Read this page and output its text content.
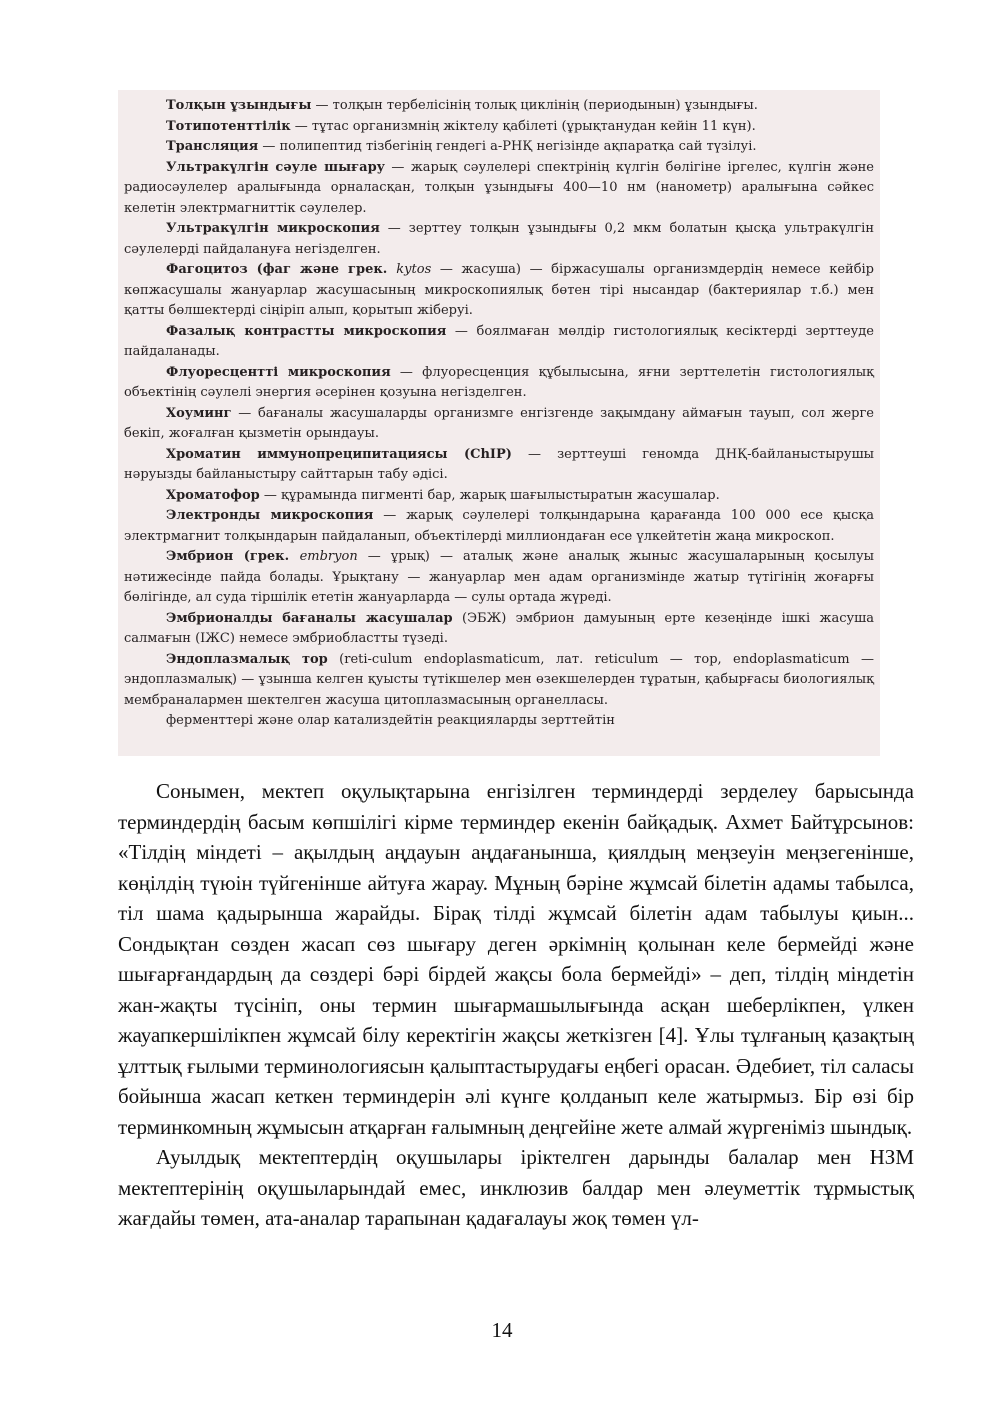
Толқын ұзындығы — толқын тербелісінің толық циклінің (периодынын) ұзындығы.

Тотипотенттілік — тұтас организмнің жіктелу қабілеті (ұрықтанудан кейін 11 күн).

Трансляция — полипептид тізбегінің гендегі а-РНҚ негізінде ақпаратқа сай түзілуі.

Ультракүлгін сәуле шығару — жарық сәулелері спектрінің күлгін бөлігіне іргелес, күлгін және радиосәулелер аралығында орналасқан, толқын ұзындығы 400—10 нм (нанометр) аралығына сәйкес келетін электрмагниттік сәулелер.

Ультракүлгін микроскопия — зерттеу толқын ұзындығы 0,2 мкм болатын қысқа ультракүлгін сәулелерді пайдалануға негізделген.

Фагоцитоз (фаг және грек. kytos — жасуша) — біржасушалы организмдердің немесе кейбір көпжасушалы жануарлар жасушасының микроскопиялық бөтен тірі нысандар (бактериялар т.б.) мен қатты бөлшектерді сіңіріп алып, қорытып жіберуі.

Фазалық контрастты микроскопия — боялмаған мөлдір гистологиялық кесіктерді зерттеуде пайдаланады.

Флуоресцентті микроскопия — флуоресценция құбылысына, яғни зерттелетін гистологиялық объектінің сәулелі энергия әсерінен қозуына негізделген.

Хоуминг — бағаналы жасушаларды организмге енгізгенде зақымдану аймағын тауып, сол жерге бекіп, жоғалған қызметін орындауы.

Хроматин иммунопреципитациясы (ChIP) — зерттеуші геномда ДНҚ-байланыстырушы нәруызды байланыстыру сайттарын табу әдісі.

Хроматофор — құрамында пигменті бар, жарық шағылыстыратын жасушалар.

Электронды микроскопия — жарық сәулелері толқындарына қарағанда 100 000 есе қысқа электрмагнит толқындарын пайдаланып, объектілерді миллиондаған есе үлкейтетін жаңа микроскоп.

Эмбрион (грек. embryon — ұрық) — аталық және аналық жыныс жасушаларының қосылуы нәтижесінде пайда болады. Ұрықтану — жануарлар мен адам организмінде жатыр түтігінің жоғарғы бөлігінде, ал суда тіршілік ететін жануарларда — сулы ортада жүреді.

Эмбрионалды бағаналы жасушалар (ЭБЖ) эмбрион дамуының ерте кезеңінде ішкі жасуша салмағын (ІЖС) немесе эмбриобластты түзеді.

Эндоплазмалық тор (reti-culum endoplasmaticum, лат. reticulum — тор, endoplasmaticum — эндоплазмалық) — ұзынша келген қуысты түтікшелер мен өзекшелерден тұратын, қабырғасы биологиялық мембраналармен шектелген жасуша цитоплазмасының органелласы.

ферменттері және олар катализдейтін реакцияларды зерттейтін

Сонымен, мектеп оқулықтарына енгізілген терминдерді зерделеу барысында терминдердің басым көпшілігі кірме терминдер екенін байқадық. Ахмет Байтұрсынов: «Тілдің міндеті – ақылдың аңдауын аңдағанынша, қиялдың меңзеуін меңзегенінше, көңілдің түюін түйгенінше айтуға жарау. Мұның бәріне жұмсай білетін адамы табылса, тіл шама қадырынша жарайды. Бірақ тілді жұмсай білетін адам табылуы қиын... Сондықтан сөзден жасап сөз шығару деген әркімнің қолынан келе бермейді және шығарғандардың да сөздері бәрі бірдей жақсы бола бермейді» – деп, тілдің міндетін жан-жақты түсініп, оны термин шығармашылығында асқан шеберлікпен, үлкен жауапкершілікпен жұмсай білу керектігін жақсы жеткізген [4]. Ұлы тұлғаның қазақтың ұлттық ғылыми терминологиясын қалыптастырудағы еңбегі орасан. Әдебиет, тіл саласы бойынша жасап кеткен терминдерін әлі күнге қолданып келе жатырмыз. Бір өзі бір терминкомның жұмысын атқарған ғалымның деңгейіне жете алмай жүргеніміз шындық.

Ауылдық мектептердің оқушылары іріктелген дарынды балалар мен НЗМ мектептерінің оқушыларындай емес, инклюзив балдар мен әлеуметтік тұрмыстық жағдайы төмен, ата-аналар тарапынан қадағалауы жоқ төмен үл-

14
